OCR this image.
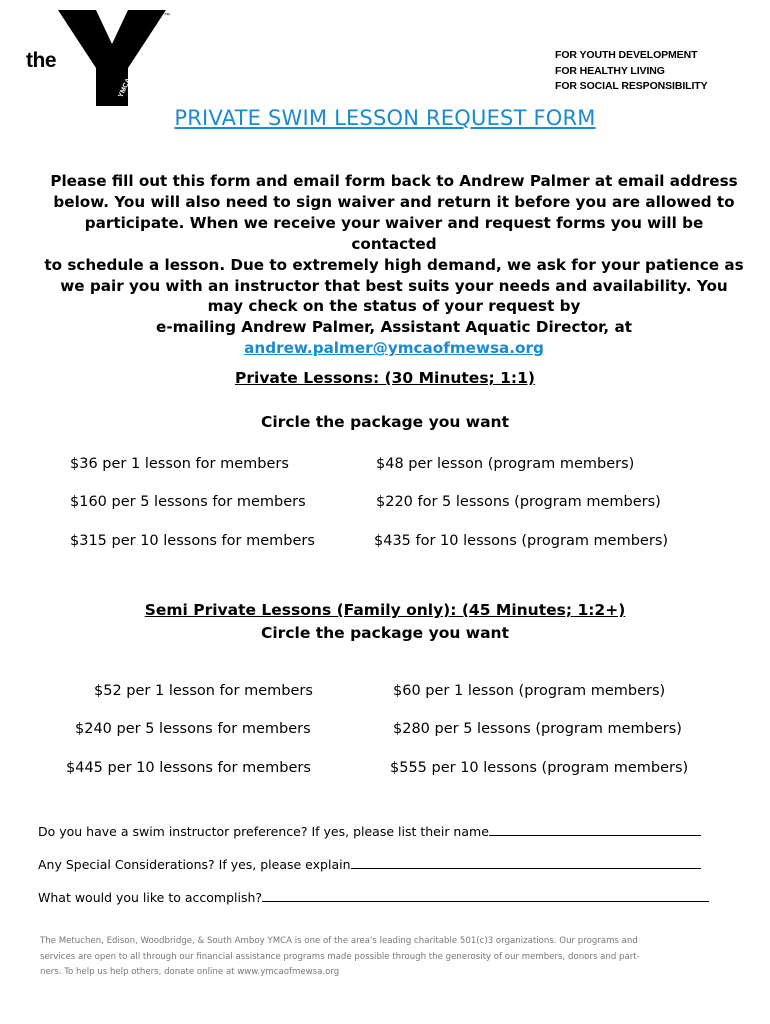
the
YMCA
™
FOR YOUTH DEVELOPMENT
FOR HEALTHY LIVING
FOR SOCIAL RESPONSIBILITY
PRIVATE SWIM LESSON REQUEST FORM

Please fill out this form and email form back to Andrew Palmer at email address

below. You will also need to sign waiver and return it before you are allowed to

participate. When we receive your waiver and request forms you will be contacted

to schedule a lesson. Due to extremely high demand, we ask for your patience as

we pair you with an instructor that best suits your needs and availability. You

may check on the status of your request by

e-mailing Andrew Palmer, Assistant Aquatic Director, at

andrew.palmer@ymcaofmewsa.org

Private Lessons: (30 Minutes; 1:1)
Circle the package you want
$36 per 1 lesson for members
$160 per 5 lessons for members
$315 per 10 lessons for members
$48 per lesson (program members)
$220 for 5 lessons (program members)
$435 for 10 lessons (program members)
Semi Private Lessons (Family only): (45 Minutes; 1:2+)
Circle the package you want
$52 per 1 lesson for members
$240 per 5 lessons for members
$445 per 10 lessons for members
$60 per 1 lesson (program members)
$280 per 5 lessons (program members)
$555 per 10 lessons (program members)
Do you have a swim instructor preference? If yes, please list their name
Any Special Considerations? If yes, please explain
What would you like to accomplish?
The Metuchen, Edison, Woodbridge, & South Amboy YMCA is one of the area's leading charitable 501(c)3 organizations. Our programs and
services are open to all through our financial assistance programs made possible through the generosity of our members, donors and part-
ners. To help us help others, donate online at www.ymcaofmewsa.org
